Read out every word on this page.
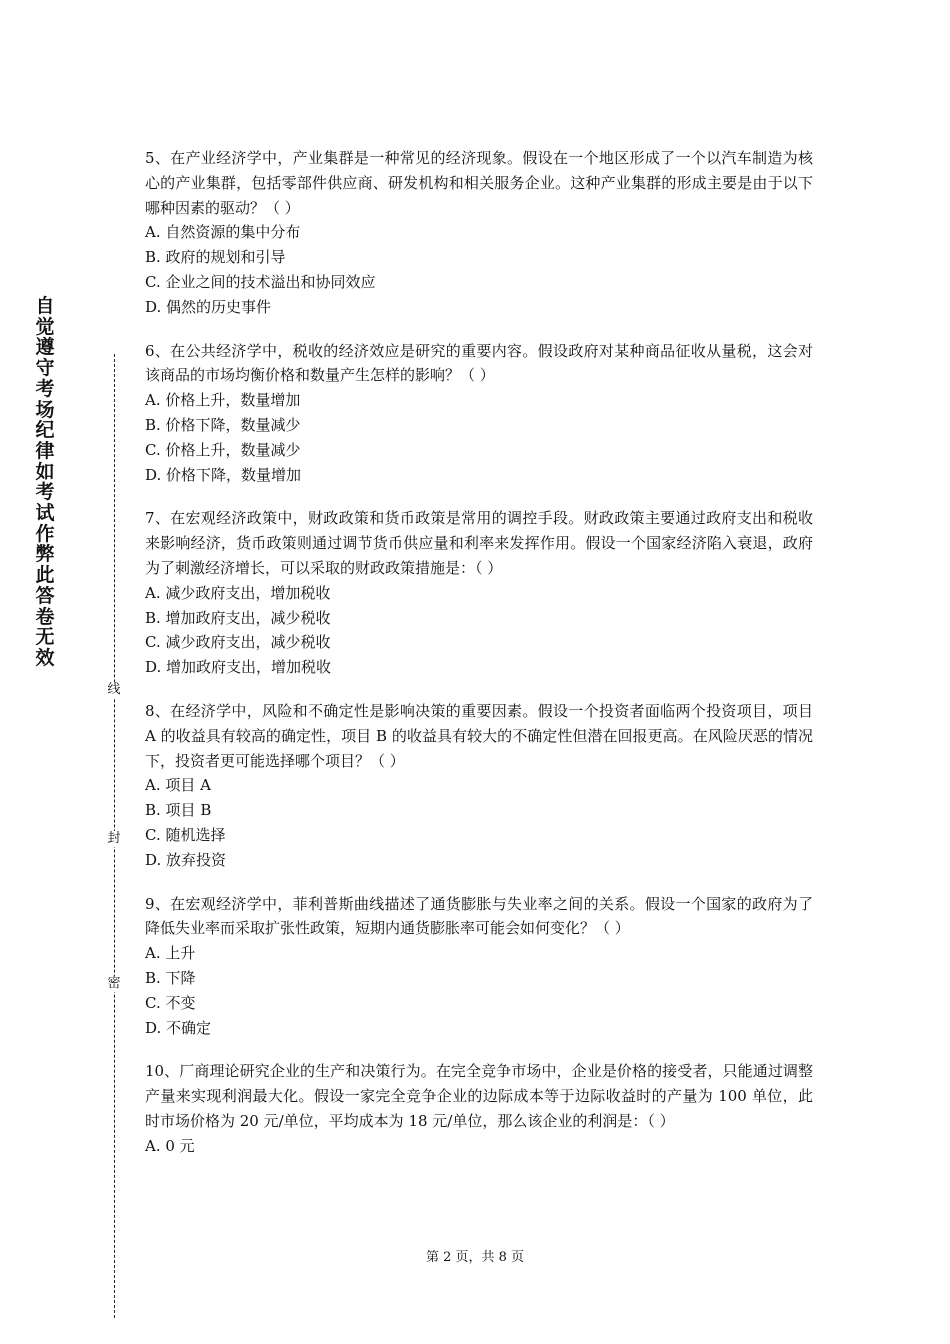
自觉遵守考场纪律如考试作弊此答卷无效
线
封
密

5、在产业经济学中，产业集群是一种常见的经济现象。假设在一个地区形成了一个以汽车制造为核心的产业集群，包括零部件供应商、研发机构和相关服务企业。这种产业集群的形成主要是由于以下哪种因素的驱动？（ ）

A. 自然资源的集中分布

B. 政府的规划和引导

C. 企业之间的技术溢出和协同效应

D. 偶然的历史事件

6、在公共经济学中，税收的经济效应是研究的重要内容。假设政府对某种商品征收从量税，这会对该商品的市场均衡价格和数量产生怎样的影响？（ ）

A. 价格上升，数量增加

B. 价格下降，数量减少

C. 价格上升，数量减少

D. 价格下降，数量增加

7、在宏观经济政策中，财政政策和货币政策是常用的调控手段。财政政策主要通过政府支出和税收来影响经济，货币政策则通过调节货币供应量和利率来发挥作用。假设一个国家经济陷入衰退，政府为了刺激经济增长，可以采取的财政政策措施是：（ ）

A. 减少政府支出，增加税收

B. 增加政府支出，减少税收

C. 减少政府支出，减少税收

D. 增加政府支出，增加税收

8、在经济学中，风险和不确定性是影响决策的重要因素。假设一个投资者面临两个投资项目，项目 A 的收益具有较高的确定性，项目 B 的收益具有较大的不确定性但潜在回报更高。在风险厌恶的情况下，投资者更可能选择哪个项目？（ ）

A. 项目 A

B. 项目 B

C. 随机选择

D. 放弃投资

9、在宏观经济学中，菲利普斯曲线描述了通货膨胀与失业率之间的关系。假设一个国家的政府为了降低失业率而采取扩张性政策，短期内通货膨胀率可能会如何变化？（ ）

A. 上升

B. 下降

C. 不变

D. 不确定

10、厂商理论研究企业的生产和决策行为。在完全竞争市场中，企业是价格的接受者，只能通过调整产量来实现利润最大化。假设一家完全竞争企业的边际成本等于边际收益时的产量为 100 单位，此时市场价格为 20 元/单位，平均成本为 18 元/单位，那么该企业的利润是：（ ）

A. 0 元

第 2 页，共 8 页
